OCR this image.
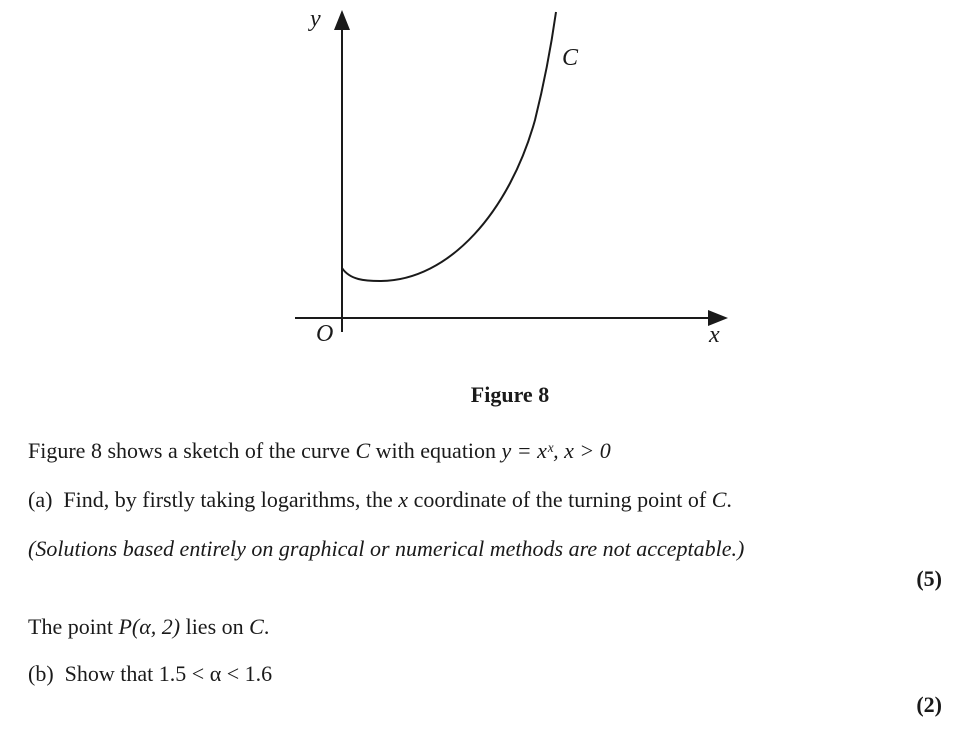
y
x
O
C
Figure 8
Figure 8 shows a sketch of the curve C with equation y = xˣ, x > 0
(a) Find, by firstly taking logarithms, the x coordinate of the turning point of C.
(Solutions based entirely on graphical or numerical methods are not acceptable.)
(5)
The point P(α, 2) lies on C.
(b) Show that 1.5 < α < 1.6
(2)
